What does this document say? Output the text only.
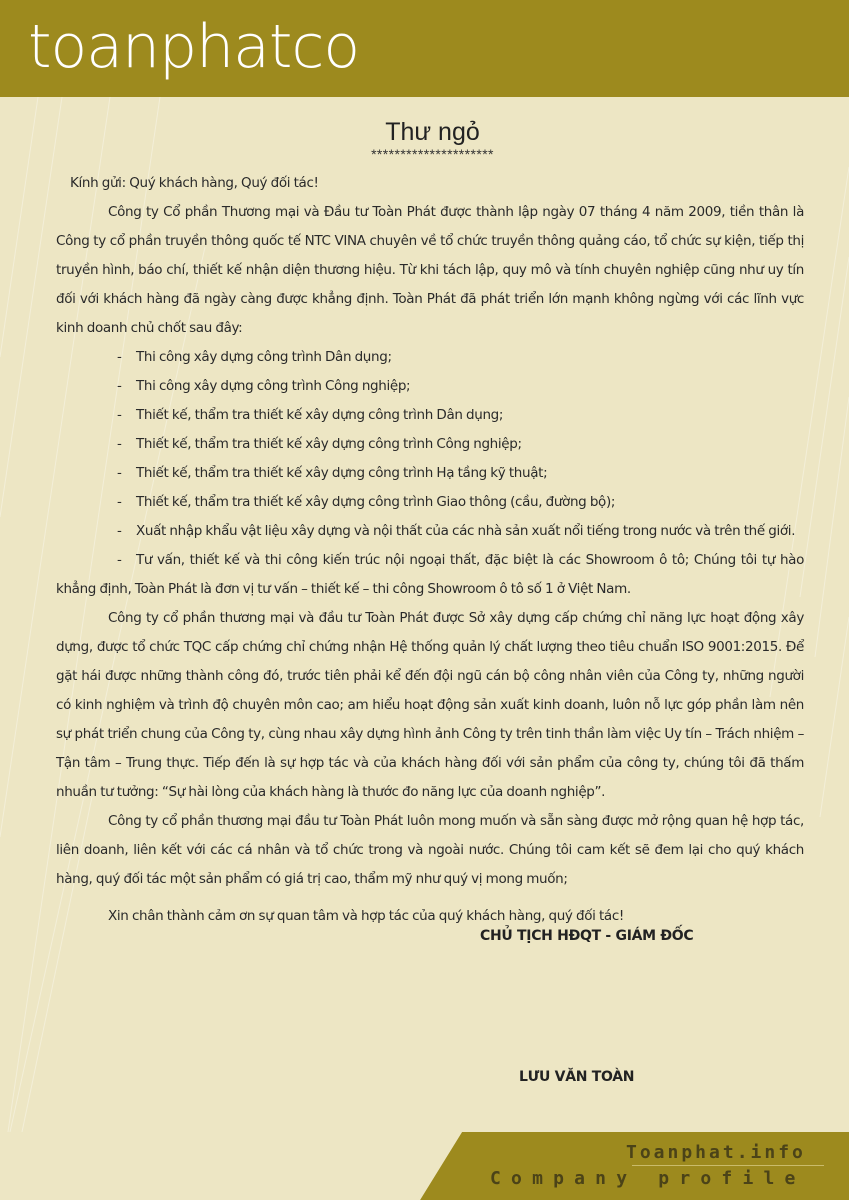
toanphatco
Thư ngỏ
*********************

Kính gửi: Quý khách hàng, Quý đối tác!

Công ty Cổ phần Thương mại và Đầu tư Toàn Phát được thành lập ngày 07 tháng 4 năm 2009, tiền thân là Công ty cổ phần truyền thông quốc tế NTC VINA chuyên về tổ chức truyền thông quảng cáo, tổ chức sự kiện, tiếp thị truyền hình, báo chí, thiết kế nhận diện thương hiệu. Từ khi tách lập, quy mô và tính chuyên nghiệp cũng như uy tín đối với khách hàng đã ngày càng được khẳng định. Toàn Phát đã phát triển lớn mạnh không ngừng với các lĩnh vực kinh doanh chủ chốt sau đây:

- Thi công xây dựng công trình Dân dụng;
- Thi công xây dựng công trình Công nghiệp;
- Thiết kế, thẩm tra thiết kế xây dựng công trình Dân dụng;
- Thiết kế, thẩm tra thiết kế xây dựng công trình Công nghiệp;
- Thiết kế, thẩm tra thiết kế xây dựng công trình Hạ tầng kỹ thuật;
- Thiết kế, thẩm tra thiết kế xây dựng công trình Giao thông (cầu, đường bộ);
- Xuất nhập khẩu vật liệu xây dựng và nội thất của các nhà sản xuất nổi tiếng trong nước và trên thế giới.
- Tư vấn, thiết kế và thi công kiến trúc nội ngoại thất, đặc biệt là các Showroom ô tô; Chúng tôi tự hào khẳng định, Toàn Phát là đơn vị tư vấn – thiết kế – thi công Showroom ô tô số 1 ở Việt Nam.

Công ty cổ phần thương mại và đầu tư Toàn Phát được Sở xây dựng cấp chứng chỉ năng lực hoạt động xây dựng, được tổ chức TQC cấp chứng chỉ chứng nhận Hệ thống quản lý chất lượng theo tiêu chuẩn ISO 9001:2015. Để gặt hái được những thành công đó, trước tiên phải kể đến đội ngũ cán bộ công nhân viên của Công ty, những người có kinh nghiệm và trình độ chuyên môn cao; am hiểu hoạt động sản xuất kinh doanh, luôn nỗ lực góp phần làm nên sự phát triển chung của Công ty, cùng nhau xây dựng hình ảnh Công ty trên tinh thần làm việc Uy tín – Trách nhiệm – Tận tâm – Trung thực. Tiếp đến là sự hợp tác và của khách hàng đối với sản phẩm của công ty, chúng tôi đã thấm nhuần tư tưởng: “Sự hài lòng của khách hàng là thước đo năng lực của doanh nghiệp”.

Công ty cổ phần thương mại đầu tư Toàn Phát luôn mong muốn và sẵn sàng được mở rộng quan hệ hợp tác, liên doanh, liên kết với các cá nhân và tổ chức trong và ngoài nước. Chúng tôi cam kết sẽ đem lại cho quý khách hàng, quý đối tác một sản phẩm có giá trị cao, thẩm mỹ như quý vị mong muốn;

Xin chân thành cảm ơn sự quan tâm và hợp tác của quý khách hàng, quý đối tác!

CHỦ TỊCH HĐQT - GIÁM ĐỐC
LƯU VĂN TOÀN
Toanphat.info
Company profile
